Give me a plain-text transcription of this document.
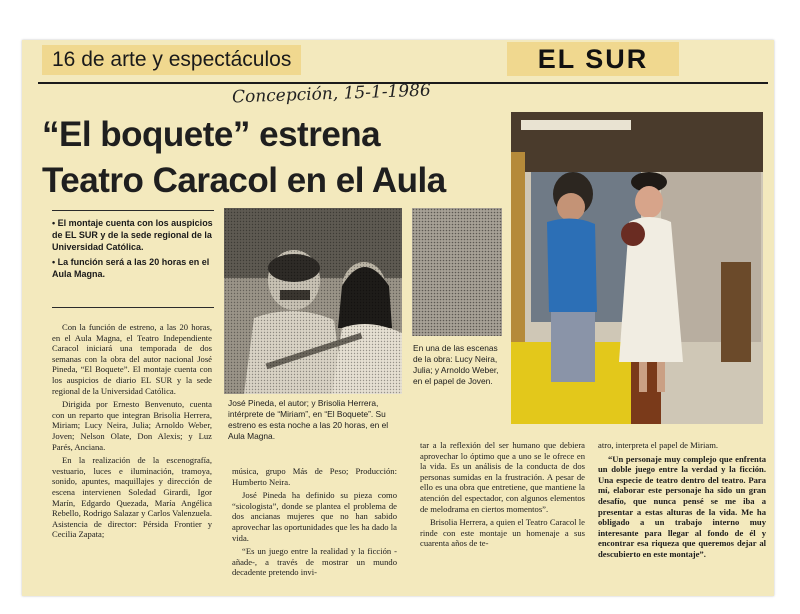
16 de arte y espectáculos	EL SUR
Concepción, 15-1-1986
“El boquete” estrena
Teatro Caracol en el Aula

• El montaje cuenta con los auspicios de EL SUR y de la sede regional de la Universidad Católica.

• La función será a las 20 horas en el Aula Magna.

En una de las escenas de la obra: Lucy Neira, Julia; y Arnoldo Weber, en el papel de Joven.
José Pineda, el autor; y Brisolia Herrera, intérprete de “Miriam”, en “El Boquete”. Su estreno es esta noche a las 20 horas, en el Aula Magna.

Con la función de estreno, a las 20 horas, en el Aula Magna, el Teatro Independiente Caracol iniciará una temporada de dos semanas con la obra del autor nacional José Pineda, “El Boquete”. El montaje cuenta con los auspicios de diario EL SUR y la sede regional de la Universidad Católica.

Dirigida por Ernesto Benvenuto, cuenta con un reparto que integran Brisolia Herrera, Miriam; Lucy Neira, Julia; Arnoldo Weber, Joven; Nelson Olate, Don Alexis; y Luz Parés, Anciana.

En la realización de la escenografía, vestuario, luces e iluminación, tramoya, sonido, apuntes, maquillajes y dirección de escena intervienen Soledad Girardi, Igor Marín, Edgardo Quezada, María Angélica Rebello, Rodrigo Salazar y Carlos Valenzuela. Asistencia de director: Pérsida Frontier y Cecilia Zapata;

música, grupo Más de Peso; Producción: Humberto Neira.

José Pineda ha definido su pieza como “sicologista”, donde se plantea el problema de dos ancianas mujeres que no han sabido aprovechar las oportunidades que les ha dado la vida.

“Es un juego entre la realidad y la ficción -añade-, a través de mostrar un mundo decadente pretendo invi-

tar a la reflexión del ser humano que debiera aprovechar lo óptimo que a uno se le ofrece en la vida. Es un análisis de la conducta de dos personas sumidas en la frustración. A pesar de ello es una obra que entretiene, que mantiene la atención del espectador, con algunos elementos de melodrama en ciertos momentos”.

Brisolia Herrera, a quien el Teatro Caracol le rinde con este montaje un homenaje a sus cuarenta años de te-

atro, interpreta el papel de Miriam.

“Un personaje muy complejo que enfrenta un doble juego entre la verdad y la ficción. Una especie de teatro dentro del teatro. Para mí, elaborar este personaje ha sido un gran desafío, que nunca pensé se me iba a presentar a estas alturas de la vida. Me ha obligado a un trabajo interno muy interesante para llegar al fondo de él y encontrar esa riqueza que queremos dejar al descubierto en este montaje”.
